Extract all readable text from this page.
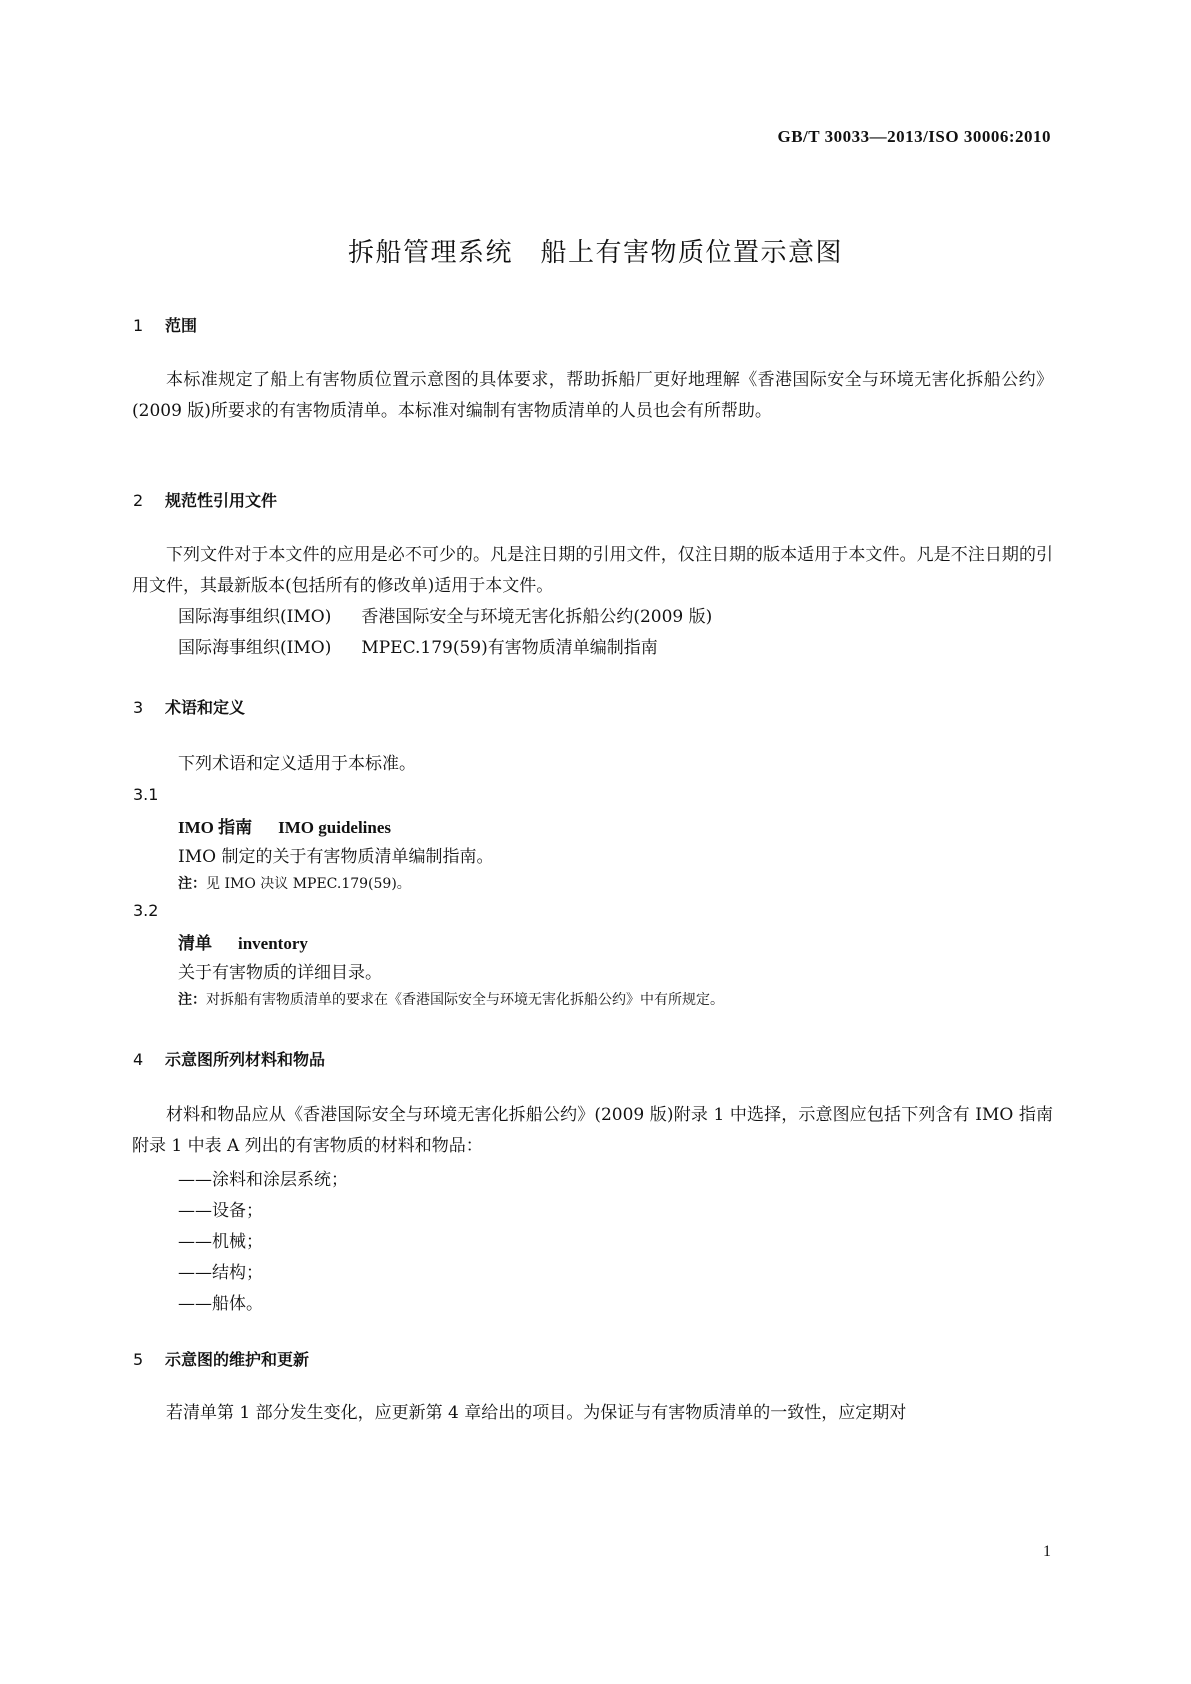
GB/T 30033—2013/ISO 30006:2010
拆船管理系统　船上有害物质位置示意图
1 范围
本标准规定了船上有害物质位置示意图的具体要求，帮助拆船厂更好地理解《香港国际安全与环境无害化拆船公约》(2009 版)所要求的有害物质清单。本标准对编制有害物质清单的人员也会有所帮助。
2 规范性引用文件
下列文件对于本文件的应用是必不可少的。凡是注日期的引用文件，仅注日期的版本适用于本文件。凡是不注日期的引用文件，其最新版本(包括所有的修改单)适用于本文件。
国际海事组织(IMO) 香港国际安全与环境无害化拆船公约(2009 版)
国际海事组织(IMO) MPEC.179(59)有害物质清单编制指南
3 术语和定义
下列术语和定义适用于本标准。
3.1
IMO 指南 IMO guidelines
IMO 制定的关于有害物质清单编制指南。
注：见 IMO 决议 MPEC.179(59)。
3.2
清单 inventory
关于有害物质的详细目录。
注：对拆船有害物质清单的要求在《香港国际安全与环境无害化拆船公约》中有所规定。
4 示意图所列材料和物品
材料和物品应从《香港国际安全与环境无害化拆船公约》(2009 版)附录 1 中选择，示意图应包括下列含有 IMO 指南附录 1 中表 A 列出的有害物质的材料和物品：
——涂料和涂层系统；
——设备；
——机械；
——结构；
——船体。
5 示意图的维护和更新
若清单第 1 部分发生变化，应更新第 4 章给出的项目。为保证与有害物质清单的一致性，应定期对
1
